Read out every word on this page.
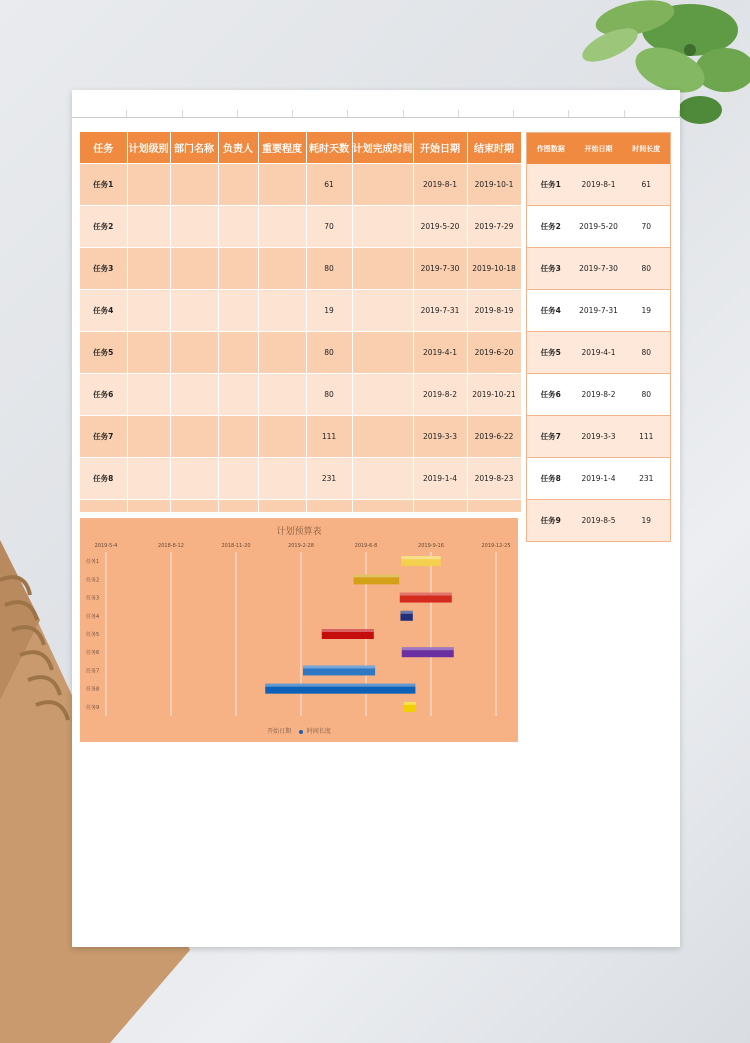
任务	计划级别	部门名称	负责人	重要程度	耗时天数	计划完成时间	开始日期	结束时期
任务1					61		2019-8-1	2019-10-1
任务2					70		2019-5-20	2019-7-29
任务3					80		2019-7-30	2019-10-18
任务4					19		2019-7-31	2019-8-19
任务5					80		2019-4-1	2019-6-20
任务6					80		2019-8-2	2019-10-21
任务7					111		2019-3-3	2019-6-22
任务8					231		2019-1-4	2019-8-23

作图数据	开始日期	时间长度
任务1	2019-8-1	61
任务2	2019-5-20	70
任务3	2019-7-30	80
任务4	2019-7-31	19
任务5	2019-4-1	80
任务6	2019-8-2	80
任务7	2019-3-3	111
任务8	2019-1-4	231
任务9	2019-8-5	19
计划预算表
2019-5-4	2018-8-12	2018-11-20	2019-2-28	2019-6-8	2019-9-16	2019-12-25
任务1
任务2
任务3
任务4
任务5
任务6
任务7
任务8
任务9
开始日期	时间长度
